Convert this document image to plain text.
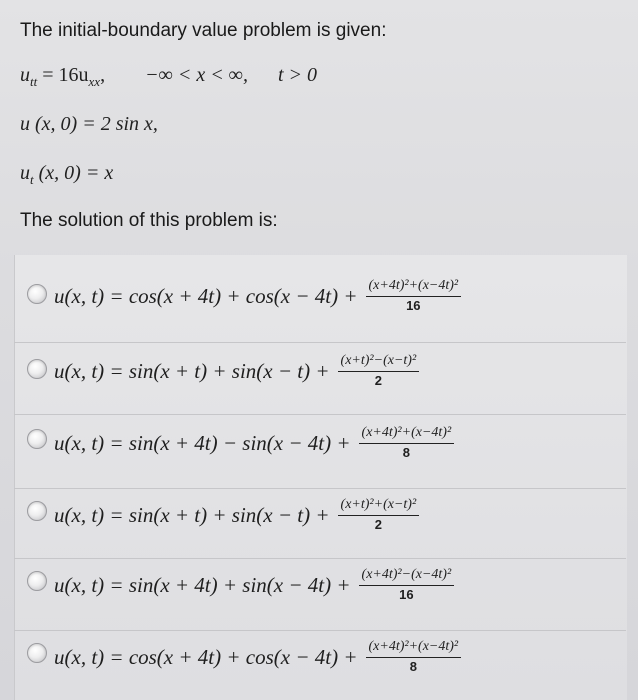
The initial-boundary value problem is given:
$u_{tt} = 16u_{xx}$, −∞ < x < ∞, t > 0
u (x, 0) = 2 sin x,
$u_t$ (x, 0) = x
The solution of this problem is:
u(x, $t) = \cos(x + 4t) + \cos(x - 4t) + \frac{\text{(x+4t)²+(x−4t)²}}{16}$
u(x, $t) = \sin(x + t) + \sin(x - t) + \frac{\text{(x+t)²−(x−t)²}}{2}$
u(x, $t) = \sin(x + 4t) - \sin(x - 4t) + \frac{\text{(x+4t)²+(x−4t)²}}{8}$
u(x, $t) = \sin(x + t) + \sin(x - t) + \frac{\text{(x+t)²+(x−t)²}}{2}$
u(x, $t) = \sin(x + 4t) + \sin(x - 4t) + \frac{\text{(x+4t)²−(x−4t)²}}{16}$
u(x, $t) = \cos(x + 4t) + \cos(x - 4t) + \frac{\text{(x+4t)²+(x−4t)²}}{8}$
